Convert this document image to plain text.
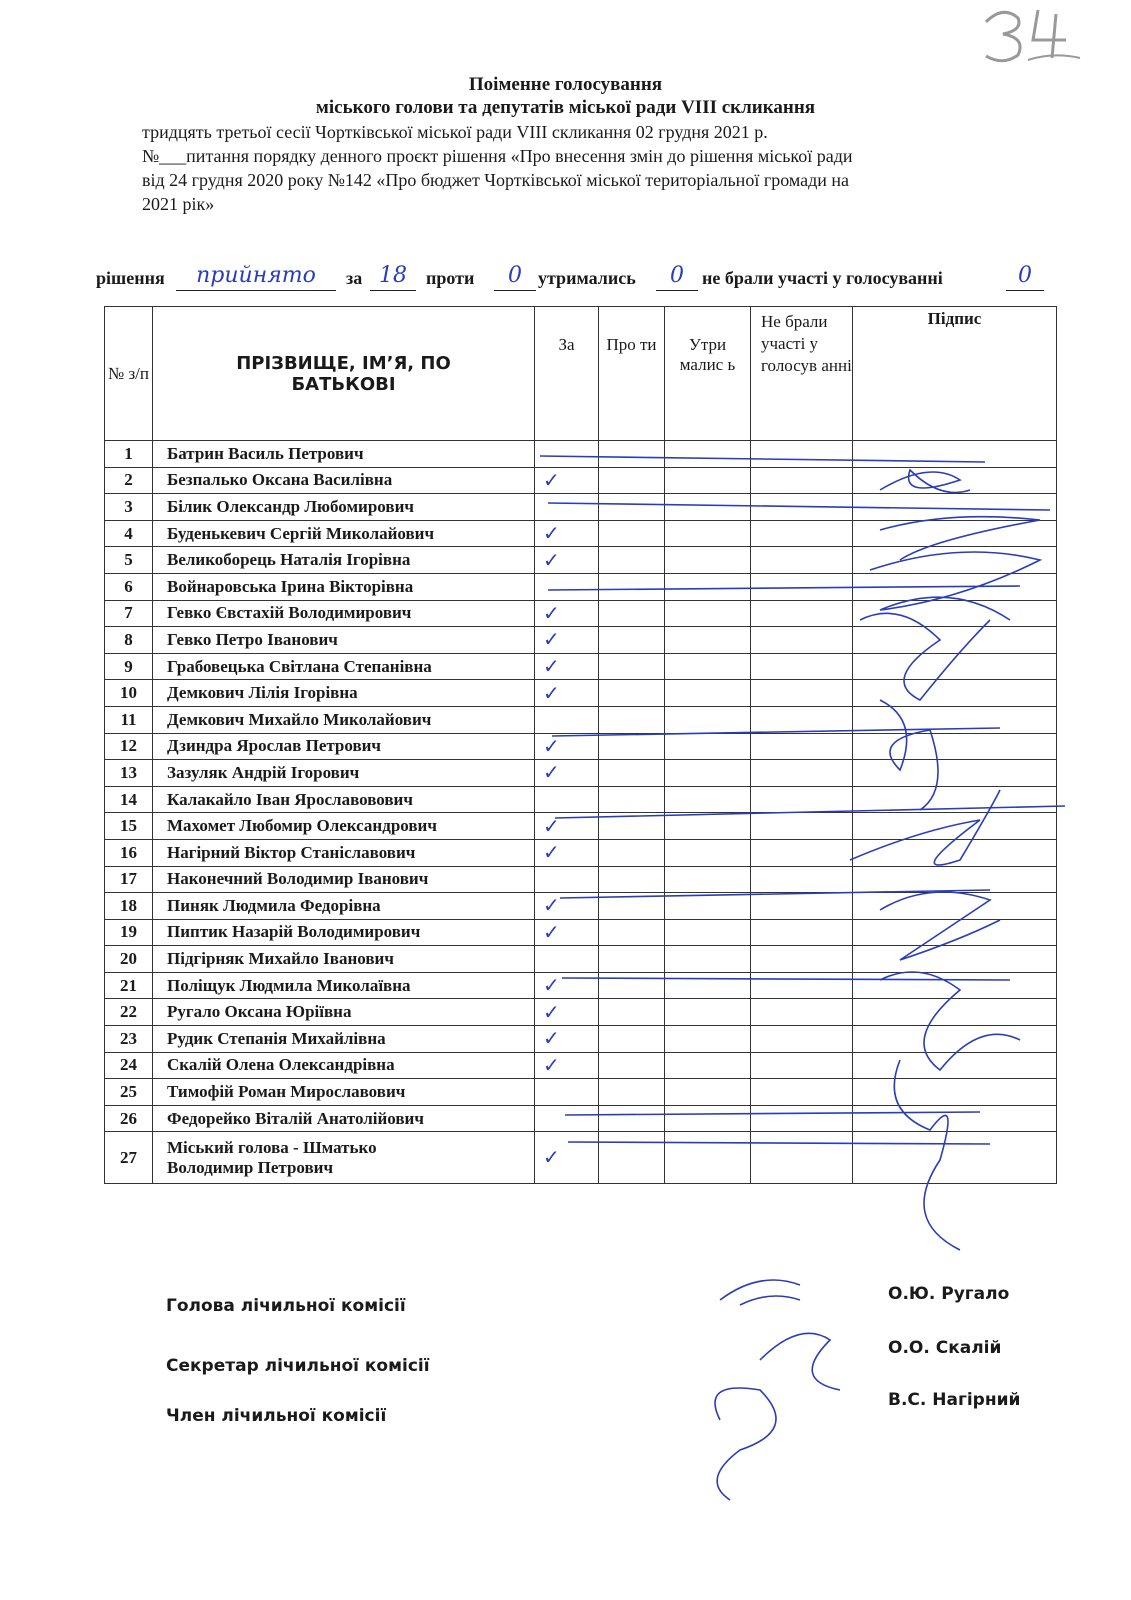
Поіменне голосування
міського голови та депутатів міської ради VIII скликання
тридцять третьої сесії Чортківської міської ради VIII скликання 02 грудня 2021 р.
№___питання порядку денного проєкт рішення «Про внесення змін до рішення міської ради
від 24 грудня 2020 року №142 «Про бюджет Чортківської міської територіальної громади на
2021 рік»
рішення	прийнято	за 18	проти	0 утримались	0	не брали участі у голосуванні	0
№ з/п	ПРІЗВИЩЕ, ІМ’Я, ПО БАТЬКОВІ	За	Про ти	Утри малис ь	Не брали участі у голосув анні	Підпис
1	Батрин Василь Петрович					
2	Безпалько Оксана Василівна	✓				
3	Білик Олександр Любомирович					
4	Буденькевич Сергій Миколайович	✓				
5	Великоборець Наталія Ігорівна	✓				
6	Войнаровська Ірина Вікторівна					
7	Гевко Євстахій Володимирович	✓				
8	Гевко Петро Іванович	✓				
9	Грабовецька Світлана Степанівна	✓				
10	Демкович Лілія Ігорівна	✓				
11	Демкович Михайло Миколайович					
12	Дзиндра Ярослав Петрович	✓				
13	Зазуляк Андрій Ігорович	✓				
14	Калакайло Іван Ярославовович					
15	Махомет Любомир Олександрович	✓				
16	Нагірний Віктор Станіславович	✓				
17	Наконечний Володимир Іванович					
18	Пиняк Людмила Федорівна	✓				
19	Пиптик Назарій Володимирович	✓				
20	Підгірняк Михайло Іванович					
21	Поліщук Людмила Миколаївна	✓				
22	Ругало Оксана Юріївна	✓				
23	Рудик Степанія Михайлівна	✓				
24	Скалій Олена Олександрівна	✓				
25	Тимофій Роман Мирославович					
26	Федорейко Віталій Анатолійович					
27	Міський голова - Шматько
Володимир Петрович	✓				
Голова лічильної комісії
Секретар лічильної комісії
Член лічильної комісії
О.Ю. Ругало
О.О. Скалій
В.С. Нагірний
